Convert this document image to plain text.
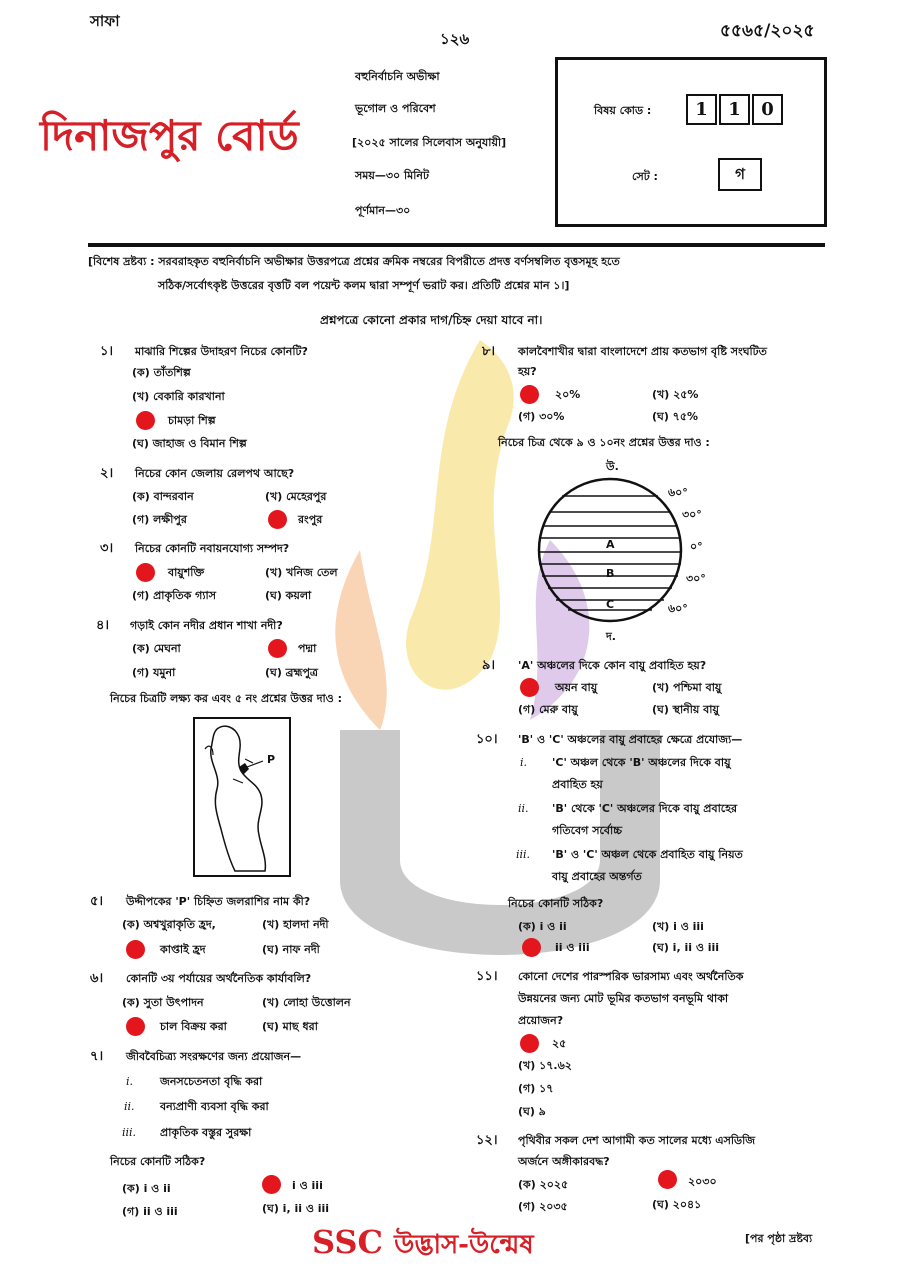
সাফা
১২৬	৫৫৬৫/২০২৫
দিনাজপুর বোর্ড
বহুনির্বাচনি অভীক্ষা
ভূগোল ও পরিবেশ
[২০২৫ সালের সিলেবাস অনুযায়ী]
সময়—৩০ মিনিট
পূর্ণমান—৩০
বিষয় কোড :	1	1	0
সেট :	গ
[বিশেষ দ্রষ্টব্য : সরবরাহকৃত বহুনির্বাচনি অভীক্ষার উত্তরপত্রে প্রশ্নের ক্রমিক নম্বরের বিপরীতে প্রদত্ত বর্ণসম্বলিত বৃত্তসমূহ হতে
সঠিক/সর্বোৎকৃষ্ট উত্তরের বৃত্তটি বল পয়েন্ট কলম দ্বারা সম্পূর্ণ ভরাট কর। প্রতিটি প্রশ্নের মান ১।]
প্রশ্নপত্রে কোনো প্রকার দাগ/চিহ্ন দেয়া যাবে না।
১। মাঝারি শিল্পের উদাহরণ নিচের কোনটি?
(ক) তাঁতশিল্প
(খ) বেকারি কারখানা
চামড়া শিল্প
(ঘ) জাহাজ ও বিমান শিল্প
২। নিচের কোন জেলায় রেলপথ আছে?
(ক) বান্দরবান	(খ) মেহেরপুর
(গ) লক্ষীপুর	রংপুর
৩। নিচের কোনটি নবায়নযোগ্য সম্পদ?
বায়ুশক্তি	(খ) খনিজ তেল
(গ) প্রাকৃতিক গ্যাস	(ঘ) কয়লা
৪। গড়াই কোন নদীর প্রধান শাখা নদী?
(ক) মেঘনা	পদ্মা
(গ) যমুনা	(ঘ) ব্রহ্মপুত্র
নিচের চিত্রটি লক্ষ্য কর এবং ৫ নং প্রশ্নের উত্তর দাও :
P
৫। উদ্দীপকের 'P' চিহ্নিত জলরাশির নাম কী?
(ক) অশ্বখুরাকৃতি হ্রদ,	(খ) হালদা নদী
কাপ্তাই হ্রদ	(ঘ) নাফ নদী
৬। কোনটি ৩য় পর্যায়ের অর্থনৈতিক কার্যাবলি?
(ক) সুতা উৎপাদন	(খ) লোহা উত্তোলন
চাল বিক্রয় করা	(ঘ) মাছ ধরা
৭। জীববৈচিত্র্য সংরক্ষণের জন্য প্রয়োজন—
i. জনসচেতনতা বৃদ্ধি করা
ii. বন্যপ্রাণী ব্যবসা বৃদ্ধি করা
iii. প্রাকৃতিক বস্তুর সুরক্ষা
নিচের কোনটি সঠিক?
(ক) i ও ii	i ও iii
(গ) ii ও iii	(ঘ) i, ii ও iii
৮। কালবৈশাখীর দ্বারা বাংলাদেশে প্রায় কতভাগ বৃষ্টি সংঘটিত
হয়?
২০%	(খ) ২৫%
(গ) ৩০%	(ঘ) ৭৫%
নিচের চিত্র থেকে ৯ ও ১০নং প্রশ্নের উত্তর দাও :
উ.
A
B
C
৬০°
৩০°
০°
৩০°
৬০°
দ.
৯। 'A' অঞ্চলের দিকে কোন বায়ু প্রবাহিত হয়?
অয়ন বায়ু	(খ) পশ্চিমা বায়ু
(গ) মেরু বায়ু	(ঘ) স্থানীয় বায়ু
১০। 'B' ও 'C' অঞ্চলের বায়ু প্রবাহের ক্ষেত্রে প্রযোজ্য—
i. 'C' অঞ্চল থেকে 'B' অঞ্চলের দিকে বায়ু
প্রবাহিত হয়
ii. 'B' থেকে 'C' অঞ্চলের দিকে বায়ু প্রবাহের
গতিবেগ সর্বোচ্চ
iii. 'B' ও 'C' অঞ্চল থেকে প্রবাহিত বায়ু নিয়ত
বায়ু প্রবাহের অন্তর্গত
নিচের কোনটি সঠিক?
(ক) i ও ii	(খ) i ও iii
ii ও iii	(ঘ) i, ii ও iii
১১। কোনো দেশের পারস্পরিক ভারসাম্য এবং অর্থনৈতিক
উন্নয়নের জন্য মোট ভূমির কতভাগ বনভূমি থাকা
প্রয়োজন?
২৫
(খ) ১৭.৬২
(গ) ১৭
(ঘ) ৯
১২। পৃথিবীর সকল দেশ আগামী কত সালের মধ্যে এসডিজি
অর্জনে অঙ্গীকারবদ্ধ?
(ক) ২০২৫	২০৩০
(গ) ২০৩৫	(ঘ) ২০৪১
SSC উদ্ভাস-উন্মেষ	[পর পৃষ্ঠা দ্রষ্টব্য
